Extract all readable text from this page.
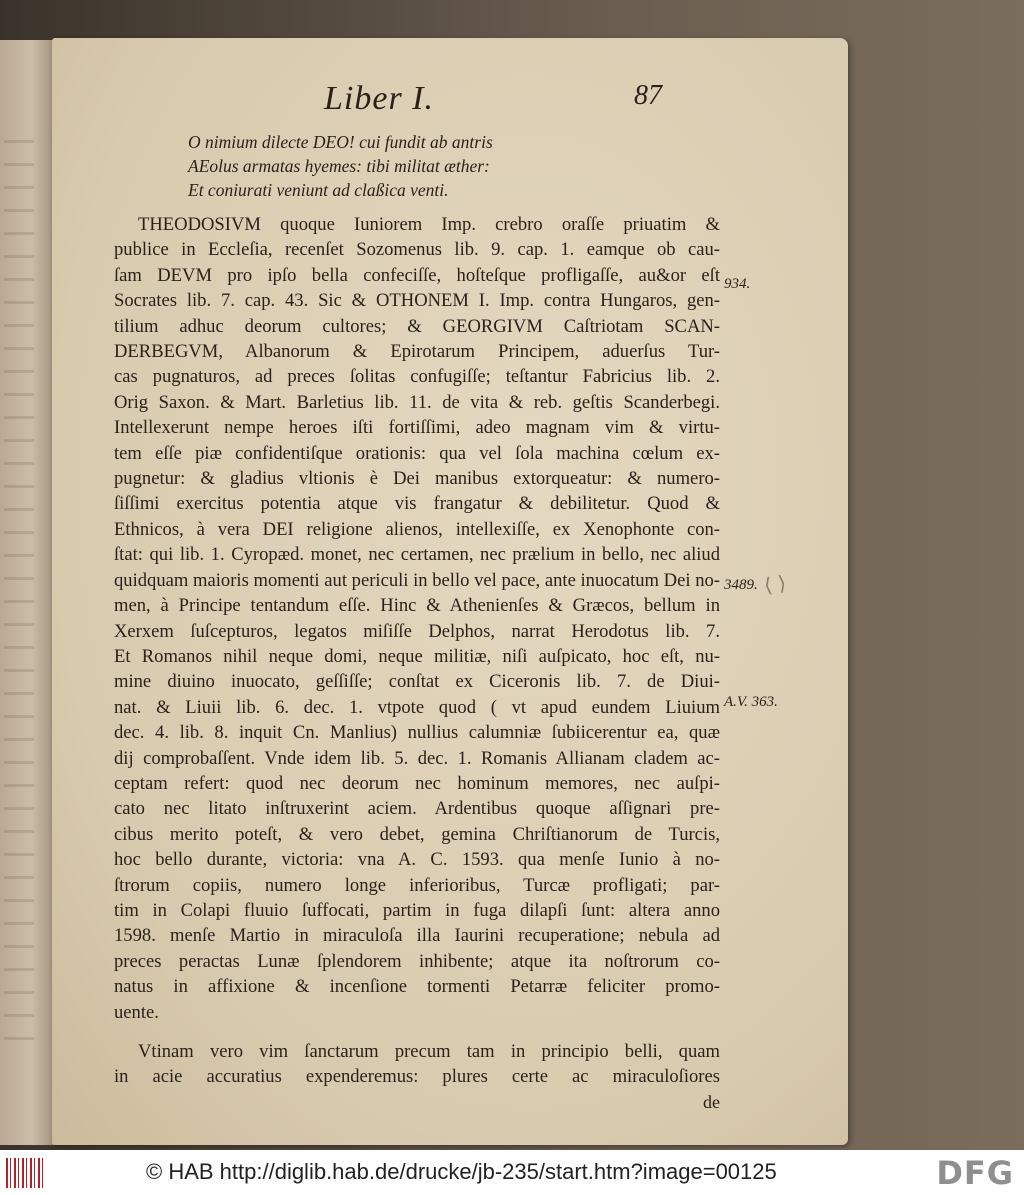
Liber I.	87
O nimium dilecte DEO! cui fundit ab antris
AEolus armatas hyemes: tibi militat æther:
Et coniurati veniunt ad claßica venti.
THEODOSIVM quoque Iuniorem Imp. crebro oraſſe priuatim &
publice in Eccleſia, recenſet Sozomenus lib. 9. cap. 1. eamque ob cau-
ſam DEVM pro ipſo bella confeciſſe, hoſteſque profligaſſe, au&or eſt
Socrates lib. 7. cap. 43. Sic & OTHONEM I. Imp. contra Hungaros, gen-
tilium adhuc deorum cultores; & GEORGIVM Caſtriotam SCAN-
DERBEGVM, Albanorum & Epirotarum Principem, aduerſus Tur-
cas pugnaturos, ad preces ſolitas confugiſſe; teſtantur Fabricius lib. 2.
Orig Saxon. & Mart. Barletius lib. 11. de vita & reb. geſtis Scanderbegi.
Intellexerunt nempe heroes iſti fortiſſimi, adeo magnam vim & virtu-
tem eſſe piæ confidentiſque orationis: qua vel ſola machina cœlum ex-
pugnetur: & gladius vltionis è Dei manibus extorqueatur: & numero-
ſiſſimi exercitus potentia atque vis frangatur & debilitetur. Quod &
Ethnicos, à vera DEI religione alienos, intellexiſſe, ex Xenophonte con-
ſtat: qui lib. 1. Cyropæd. monet, nec certamen, nec prælium in bello, nec aliud
quidquam maioris momenti aut periculi in bello vel pace, ante inuocatum Dei no-
men, à Principe tentandum eſſe. Hinc & Athenienſes & Græcos, bellum in
Xerxem ſuſcepturos, legatos miſiſſe Delphos, narrat Herodotus lib. 7.
Et Romanos nihil neque domi, neque militiæ, niſi auſpicato, hoc eſt, nu-
mine diuino inuocato, geſſiſſe; conſtat ex Ciceronis lib. 7. de Diui-
nat. & Liuii lib. 6. dec. 1. vtpote quod ( vt apud eundem Liuium
dec. 4. lib. 8. inquit Cn. Manlius) nullius calumniæ ſubiicerentur ea, quæ
dij comprobaſſent. Vnde idem lib. 5. dec. 1. Romanis Allianam cladem ac-
ceptam refert: quod nec deorum nec hominum memores, nec auſpi-
cato nec litato inſtruxerint aciem. Ardentibus quoque aſſignari pre-
cibus merito poteſt, & vero debet, gemina Chriſtianorum de Turcis,
hoc bello durante, victoria: vna A. C. 1593. qua menſe Iunio à no-
ſtrorum copiis, numero longe inferioribus, Turcæ profligati; par-
tim in Colapi fluuio ſuffocati, partim in fuga dilapſi ſunt: altera anno
1598. menſe Martio in miraculoſa illa Iaurini recuperatione; nebula ad
preces peractas Lunæ ſplendorem inhibente; atque ita noſtrorum co-
natus in affixione & incenſione tormenti Petarræ feliciter promo-
uente.
Vtinam vero vim ſanctarum precum tam in principio belli, quam
in acie accuratius expenderemus: plures certe ac miraculoſiores
de
934.
3489.
A.V. 363.
⟨ ⟩
© HAB http://diglib.hab.de/drucke/jb-235/start.htm?image=00125	DFG
